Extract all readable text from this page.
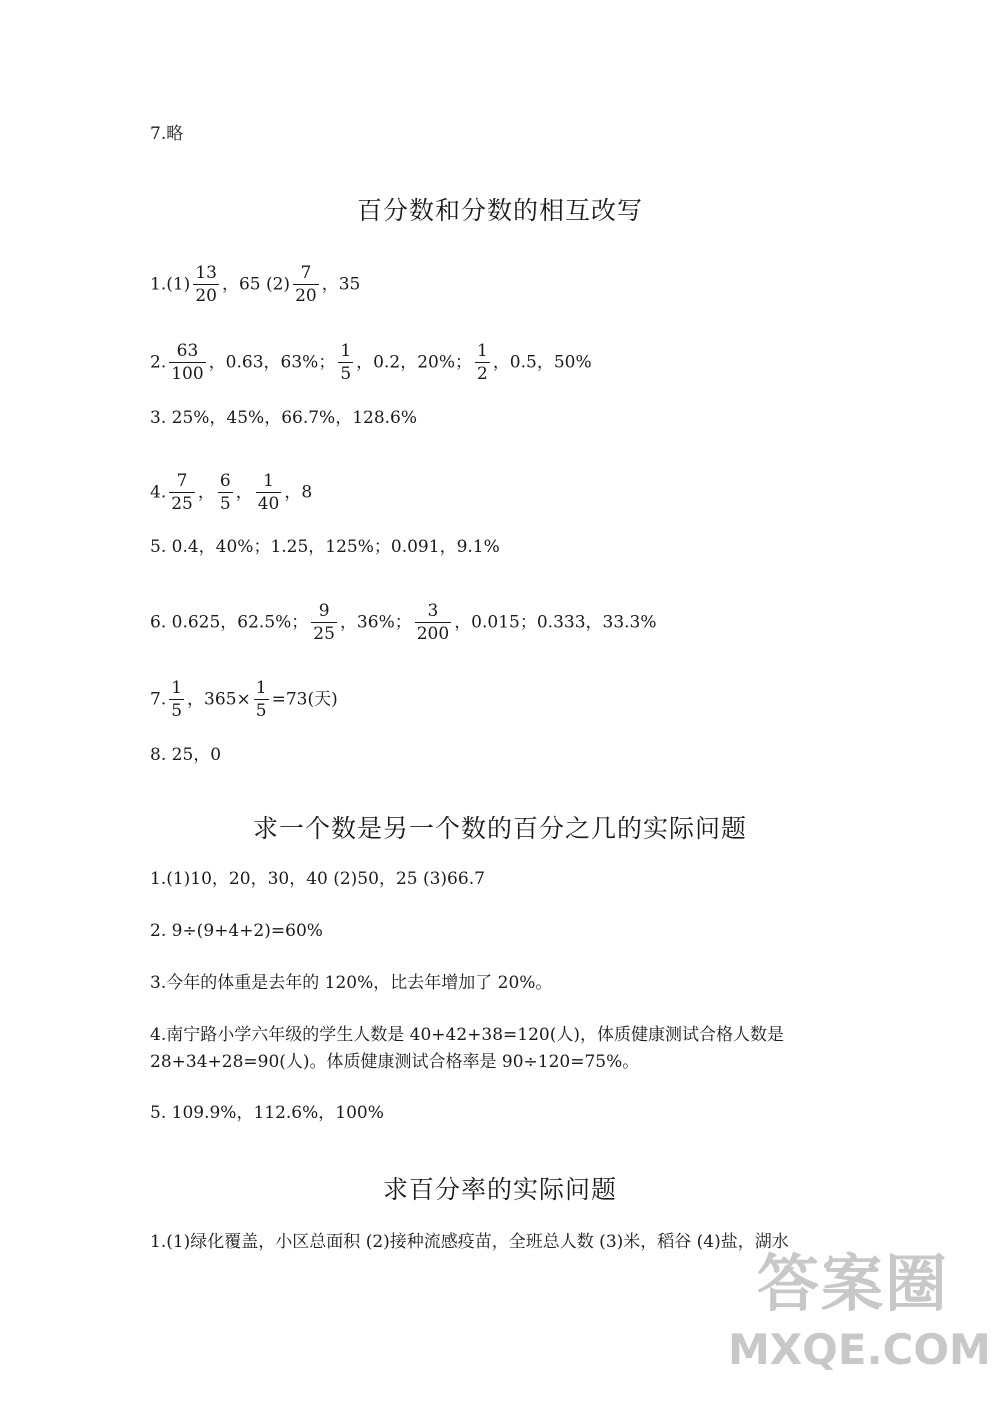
7.略
百分数和分数的相互改写
$1.(1) \frac{13}{20}$ ，65 $(2) \frac{7}{20}$ ，35
2. $\frac{63}{100}$ ，0.63，63%； $\frac{1}{5}$ ，0.2，20%； $\frac{1}{2}$ ，0.5，50%
3. 25%，45%，66.7%，128.6%
4. $\frac{7}{25}$ ， $\frac{6}{5}$ ， $\frac{1}{40}$ ，8
5. 0.4，40%；1.25，125%；0.091，9.1%
6. 0.625，62.5%； $\frac{9}{25}$ ，36%； $\frac{3}{200}$ ，0.015；0.333，33.3%
7. $\frac{1}{5}$ ，$365\times \frac{1}{5} =73$(天)
8. 25，0
求一个数是另一个数的百分之几的实际问题
1.(1)10，20，30，40 (2)50，25 (3)66.7
2. 9÷(9+4+2)=60%
3.今年的体重是去年的 120%，比去年增加了 20%。
4.南宁路小学六年级的学生人数是 40+42+38=120(人)，体质健康测试合格人数是 28+34+28=90(人)。体质健康测试合格率是 90÷120=75%。
5. 109.9%，112.6%，100%
求百分率的实际问题
1.(1)绿化覆盖，小区总面积 (2)接种流感疫苗，全班总人数 (3)米，稻谷 (4)盐，湖水
答案圈
MXQE.COM
